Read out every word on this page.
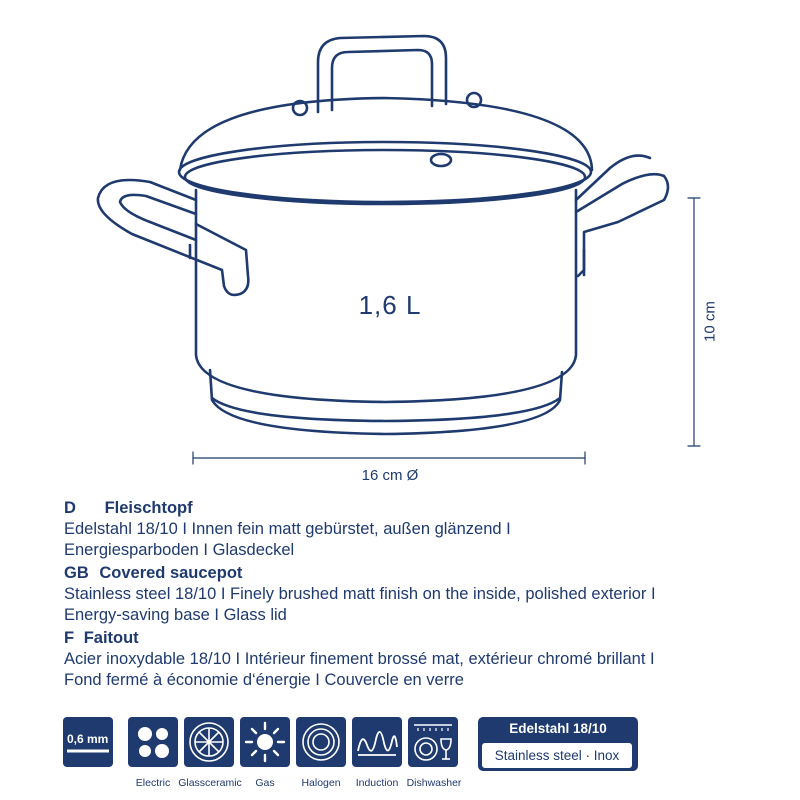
1,6 L
16 cm Ø
10 cm
D Fleischtopf
Edelstahl 18/10 I Innen fein matt gebürstet, außen glänzend I
Energiesparboden I Glasdeckel
GB Covered saucepot
Stainless steel 18/10 I Finely brushed matt finish on the inside, polished exterior I
Energy-saving base I Glass lid
F Faitout
Acier inoxydable 18/10 I Intérieur finement brossé mat, extérieur chromé brillant I
Fond fermé à économie d‘énergie I Couvercle en verre
0,6 mm
Electric Glassceramic	Gas	Halogen	Induction Dishwasher
Edelstahl 18/10
Stainless steel · Inox
